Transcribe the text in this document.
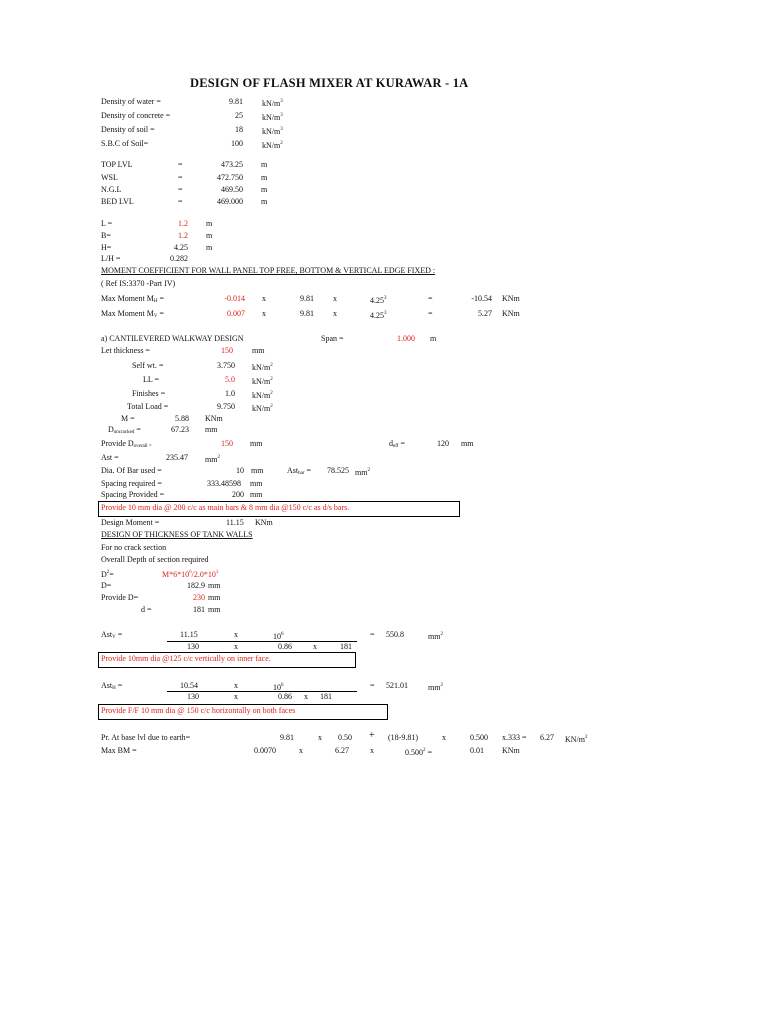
DESIGN OF FLASH MIXER AT KURAWAR - 1A
Density of water =	9.81 $kN/m^3$
Density of concrete =	25 $kN/m^3$
Density of soil =	18 $kN/m^3$
S.B.C of Soil=	100 $kN/m^2$
TOP LVL	=	473.25 m
WSL	=	472.750 m
N.G.L	=	469.50 m
BED LVL	=	469.000 m
L =	1.2 m
B=	1.2 m
H=	4.25 m
L/H =	0.282
MOMENT COEFFICIENT FOR WALL PANEL TOP FREE, BOTTOM & VERTICAL EDGE FIXED :
( Ref IS:3370 -Part IV)
Max Moment $M_H$ =	-0.014 x	9.81 x	$4.25^3$	=	-10.54 KNm
Max Moment $M_V$ =	0.007 x	9.81 x	$4.25^3$	=	5.27 KNm
a) CANTILEVERED WALKWAY DESIGN	Span =	1.000 m
Let thickness =	150 mm
Self wt. =	3.750 $kN/m^2$
LL =	5.0 $kN/m^2$
Finishes =	1.0 $kN/m^2$
Total Load =	9.750 $kN/m^2$
M =	5.88 KNm
$D_{uncracked}$ =	67.23 mm
Provide $D_{overall =}$	150 mm	$d_{eff}$ =	120 mm
Ast =	235.47 $mm^2$
Dia. Of Bar used =	10 mm	Ast$_{bar}$ = 78.525 $mm^2$
Spacing required =	333.48598 mm
Spacing Provided =	200 mm
Provide 10 mm dia @ 200 c/c as main bars & 8 mm dia @150 c/c as d/s bars.
Design Moment =	11.15 KNm
DESIGN OF THICKNESS OF TANK WALLS
For no crack section
Overall Depth of section required
$D^2=$	$M*6*10^6/2.0*10^3$
D=	182.9 mm
Provide D=	230 mm
d =	181 mm
Ast$_V$ =	11.15	x	$10^6$
130	x	0.86	x	181
= 550.8	$mm^2$
Provide 10mm dia @125 c/c vertically on inner face.
Ast$_H$ =	10.54	x	$10^6$
130	x	0.86 x 181
= 521.01	$mm^2$
Provide F/F 10 mm dia @ 150 c/c horizontally on both faces
Pr. At base lvl due to earth=	9.81	x 0.50 + (18-9.81)	x	0.500 x.333 = 6.27 $KN/m^2$
Max BM =	0.0070	x	6.27	x	$0.500^2$ =	0.01 KNm
